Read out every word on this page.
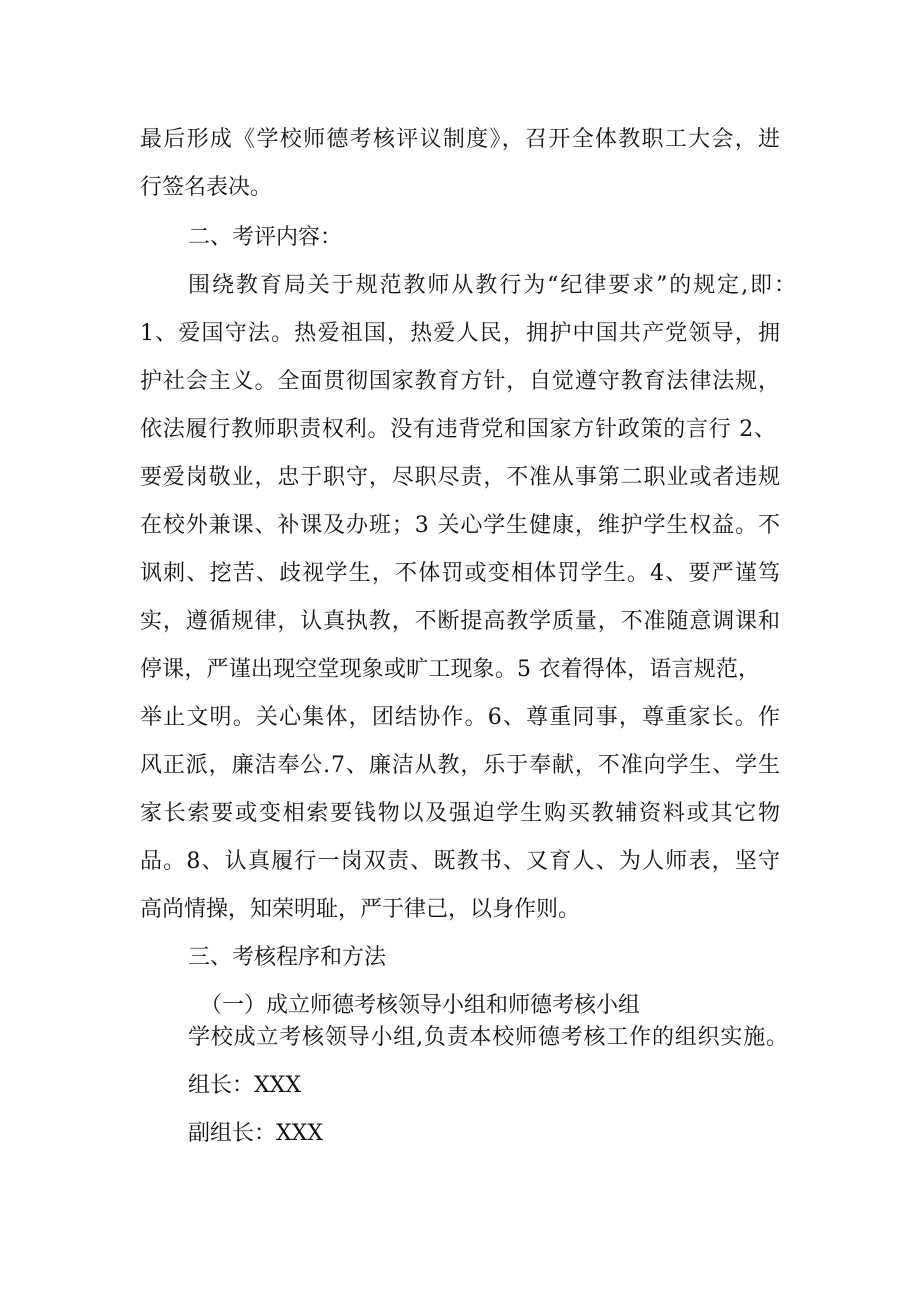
最后形成《学校师德考核评议制度》，召开全体教职工大会，进
行签名表决。
二、考评内容：
围绕教育局关于规范教师从教行为“纪律要求”的规定,即：
1、爱国守法。热爱祖国，热爱人民，拥护中国共产党领导，拥
护社会主义。全面贯彻国家教育方针，自觉遵守教育法律法规，
依法履行教师职责权利。没有违背党和国家方针政策的言行 2、
要爱岗敬业，忠于职守，尽职尽责，不准从事第二职业或者违规
在校外兼课、补课及办班；3 关心学生健康，维护学生权益。不
讽刺、挖苦、歧视学生，不体罚或变相体罚学生。4、要严谨笃
实，遵循规律，认真执教，不断提高教学质量，不准随意调课和
停课，严谨出现空堂现象或旷工现象。5 衣着得体，语言规范，
举止文明。关心集体，团结协作。6、尊重同事，尊重家长。作
风正派，廉洁奉公.7、廉洁从教，乐于奉献，不准向学生、学生
家长索要或变相索要钱物以及强迫学生购买教辅资料或其它物
品。8、认真履行一岗双责、既教书、又育人、为人师表，坚守
高尚情操，知荣明耻，严于律己，以身作则。
三、考核程序和方法
（一）成立师德考核领导小组和师德考核小组
学校成立考核领导小组,负责本校师德考核工作的组织实施。
组长：XXX
副组长：XXX
